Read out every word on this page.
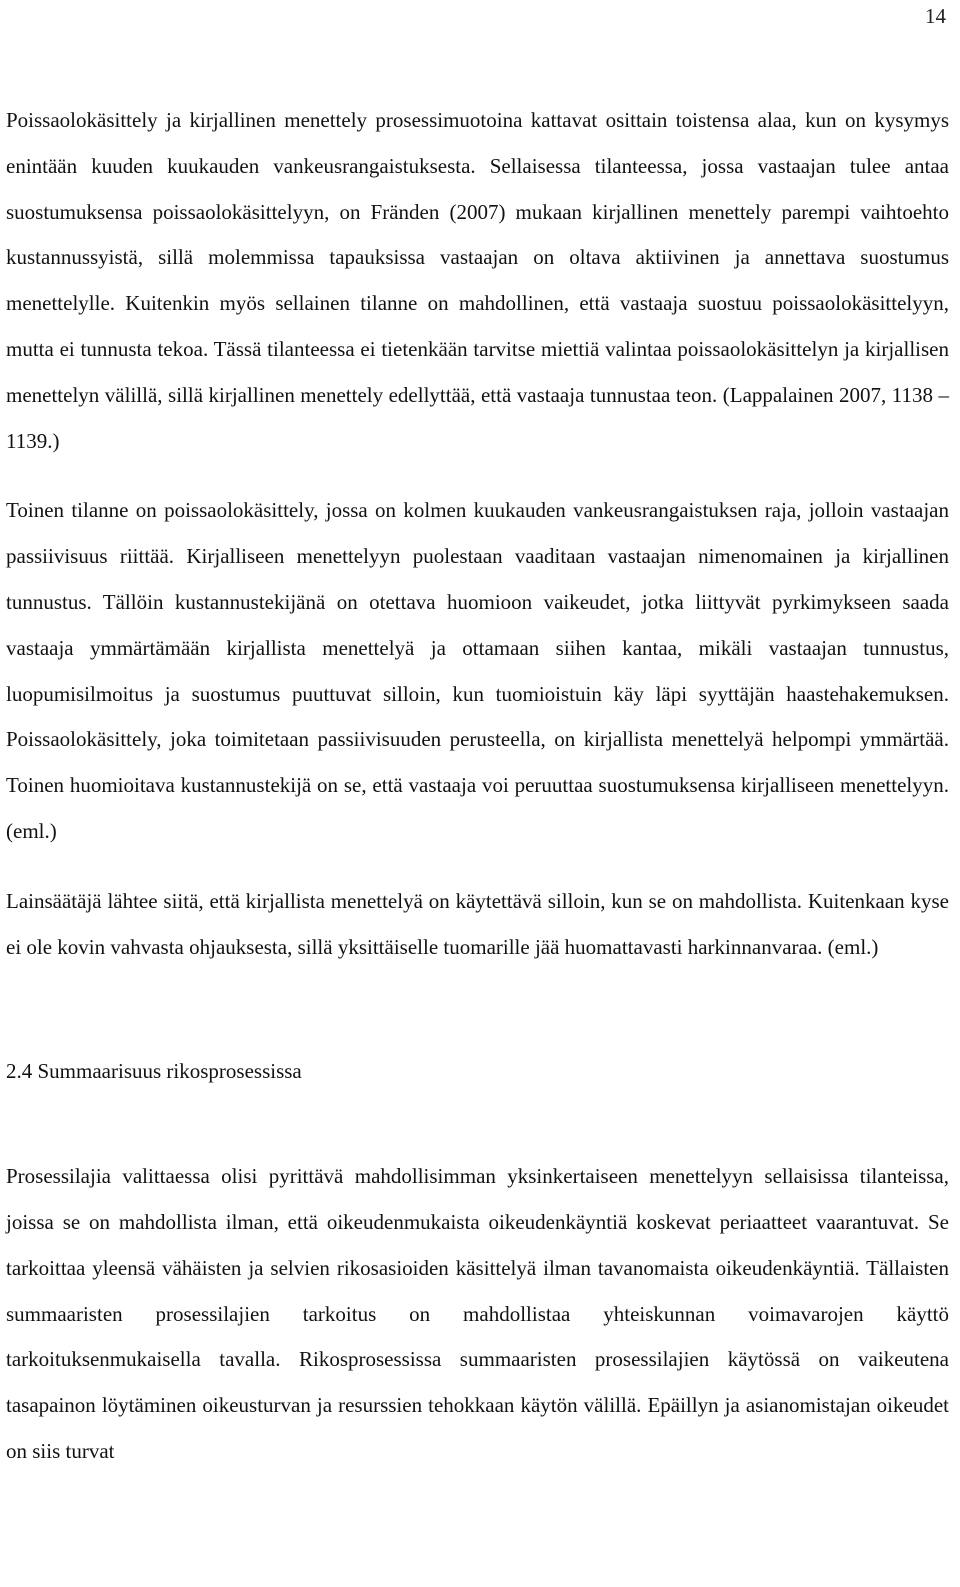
14

Poissaolokäsittely ja kirjallinen menettely prosessimuotoina kattavat osittain toistensa alaa, kun on kysymys enintään kuuden kuukauden vankeusrangaistuksesta. Sellaisessa tilanteessa, jossa vastaajan tulee antaa suostumuksensa poissaolokäsittelyyn, on Fränden (2007) mukaan kirjallinen menettely parempi vaihtoehto kustannussyistä, sillä molemmissa tapauksissa vastaajan on oltava aktiivinen ja annettava suostumus menettelylle. Kuitenkin myös sellainen tilanne on mahdollinen, että vastaaja suostuu poissaolokäsittelyyn, mutta ei tunnusta tekoa. Tässä tilanteessa ei tietenkään tarvitse miettiä valintaa poissaolokäsittelyn ja kirjallisen menettelyn välillä, sillä kirjallinen menettely edellyttää, että vastaaja tunnustaa teon. (Lappalainen 2007, 1138 – 1139.)

Toinen tilanne on poissaolokäsittely, jossa on kolmen kuukauden vankeusrangaistuksen raja, jolloin vastaajan passiivisuus riittää. Kirjalliseen menettelyyn puolestaan vaaditaan vastaajan nimenomainen ja kirjallinen tunnustus. Tällöin kustannustekijänä on otettava huomioon vaikeudet, jotka liittyvät pyrkimykseen saada vastaaja ymmärtämään kirjallista menettelyä ja ottamaan siihen kantaa, mikäli vastaajan tunnustus, luopumisilmoitus ja suostumus puuttuvat silloin, kun tuomioistuin käy läpi syyttäjän haastehakemuksen. Poissaolokäsittely, joka toimitetaan passiivisuuden perusteella, on kirjallista menettelyä helpompi ymmärtää. Toinen huomioitava kustannustekijä on se, että vastaaja voi peruuttaa suostumuksensa kirjalliseen menettelyyn. (eml.)

Lainsäätäjä lähtee siitä, että kirjallista menettelyä on käytettävä silloin, kun se on mahdollista. Kuitenkaan kyse ei ole kovin vahvasta ohjauksesta, sillä yksittäiselle tuomarille jää huomattavasti harkinnanvaraa. (eml.)

2.4 Summaarisuus rikosprosessissa

Prosessilajia valittaessa olisi pyrittävä mahdollisimman yksinkertaiseen menettelyyn sellaisissa tilanteissa, joissa se on mahdollista ilman, että oikeudenmukaista oikeudenkäyntiä koskevat periaatteet vaarantuvat. Se tarkoittaa yleensä vähäisten ja selvien rikosasioiden käsittelyä ilman tavanomaista oikeudenkäyntiä. Tällaisten summaaristen prosessilajien tarkoitus on mahdollistaa yhteiskunnan voimavarojen käyttö tarkoituksenmukaisella tavalla. Rikosprosessissa summaaristen prosessilajien käytössä on vaikeutena tasapainon löytäminen oikeusturvan ja resurssien tehokkaan käytön välillä. Epäillyn ja asianomistajan oikeudet on siis turvat
